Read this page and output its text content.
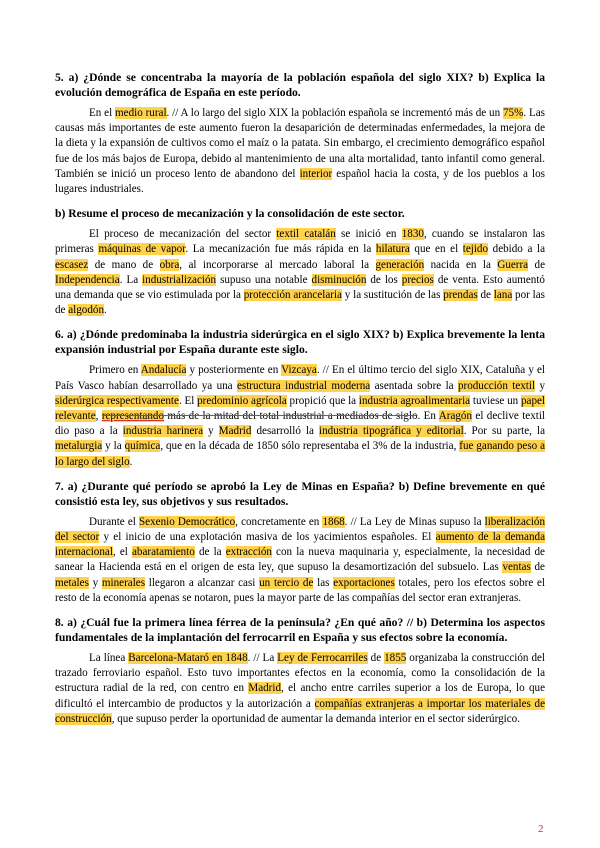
5. a) ¿Dónde se concentraba la mayoría de la población española del siglo XIX? b) Explica la evolución demográfica de España en este período.
En el medio rural. // A lo largo del siglo XIX la población española se incrementó más de un 75%. Las causas más importantes de este aumento fueron la desaparición de determinadas enfermedades, la mejora de la dieta y la expansión de cultivos como el maíz o la patata. Sin embargo, el crecimiento demográfico español fue de los más bajos de Europa, debido al mantenimiento de una alta mortalidad, tanto infantil como general. También se inició un proceso lento de abandono del interior español hacia la costa, y de los pueblos a los lugares industriales.
b) Resume el proceso de mecanización y la consolidación de este sector.
El proceso de mecanización del sector textil catalán se inició en 1830, cuando se instalaron las primeras máquinas de vapor. La mecanización fue más rápida en la hilatura que en el tejido debido a la escasez de mano de obra, al incorporarse al mercado laboral la generación nacida en la Guerra de Independencia. La industrialización supuso una notable disminución de los precios de venta. Esto aumentó una demanda que se vio estimulada por la protección arancelaria y la sustitución de las prendas de lana por las de algodón.
6. a) ¿Dónde predominaba la industria siderúrgica en el siglo XIX? b) Explica brevemente la lenta expansión industrial por España durante este siglo.
Primero en Andalucía y posteriormente en Vizcaya. // En el último tercio del siglo XIX, Cataluña y el País Vasco habían desarrollado ya una estructura industrial moderna asentada sobre la producción textil y siderúrgica respectivamente. El predominio agrícola propició que la industria agroalimentaria tuviese un papel relevante, representando más de la mitad del total industrial a mediados de siglo. En Aragón el declive textil dio paso a la industria harinera y Madrid desarrolló la industria tipográfica y editorial. Por su parte, la metalurgia y la química, que en la década de 1850 sólo representaba el 3% de la industria, fue ganando peso a lo largo del siglo.
7. a) ¿Durante qué período se aprobó la Ley de Minas en España? b) Define brevemente en qué consistió esta ley, sus objetivos y sus resultados.
Durante el Sexenio Democrático, concretamente en 1868. // La Ley de Minas supuso la liberalización del sector y el inicio de una explotación masiva de los yacimientos españoles. El aumento de la demanda internacional, el abaratamiento de la extracción con la nueva maquinaria y, especialmente, la necesidad de sanear la Hacienda está en el origen de esta ley, que supuso la desamortización del subsuelo. Las ventas de metales y minerales llegaron a alcanzar casi un tercio de las exportaciones totales, pero los efectos sobre el resto de la economía apenas se notaron, pues la mayor parte de las compañías del sector eran extranjeras.
8. a) ¿Cuál fue la primera línea férrea de la península? ¿En qué año? // b) Determina los aspectos fundamentales de la implantación del ferrocarril en España y sus efectos sobre la economía.
La línea Barcelona-Mataró en 1848. // La Ley de Ferrocarriles de 1855 organizaba la construcción del trazado ferroviario español. Esto tuvo importantes efectos en la economía, como la consolidación de la estructura radial de la red, con centro en Madrid, el ancho entre carriles superior a los de Europa, lo que dificultó el intercambio de productos y la autorización a compañías extranjeras a importar los materiales de construcción, que supuso perder la oportunidad de aumentar la demanda interior en el sector siderúrgico.
2
